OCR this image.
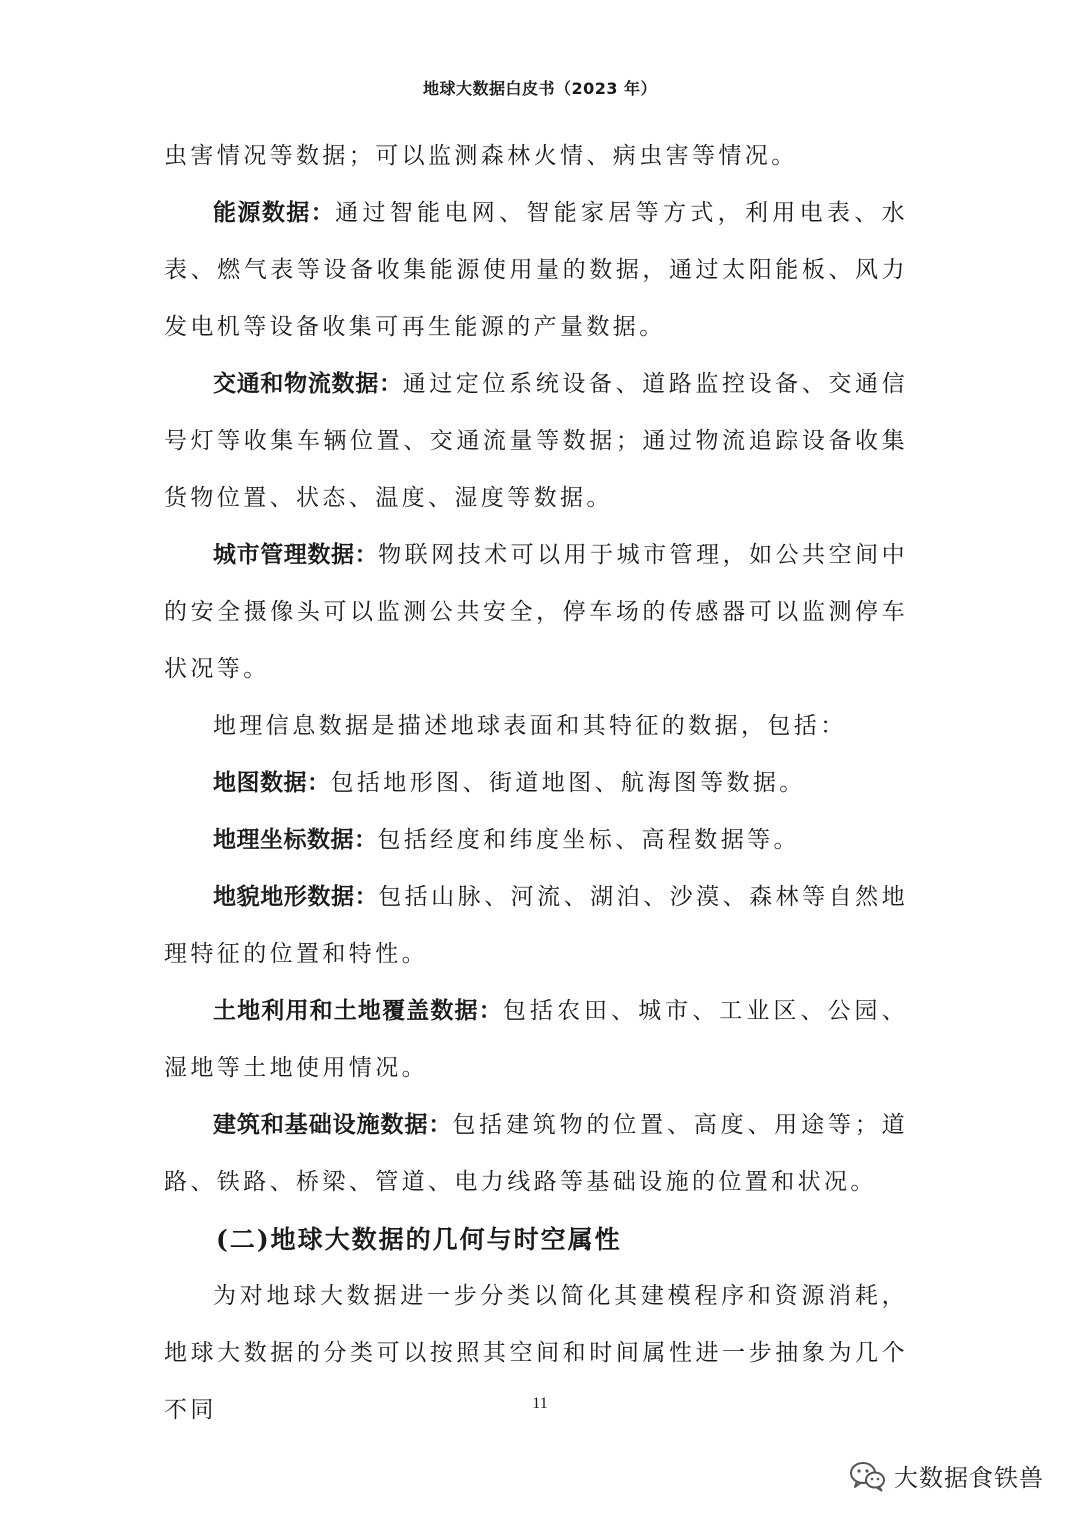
地球大数据白皮书（2023 年）

虫害情况等数据；可以监测森林火情、病虫害等情况。

能源数据：通过智能电网、智能家居等方式，利用电表、水表、燃气表等设备收集能源使用量的数据，通过太阳能板、风力发电机等设备收集可再生能源的产量数据。

交通和物流数据：通过定位系统设备、道路监控设备、交通信号灯等收集车辆位置、交通流量等数据；通过物流追踪设备收集货物位置、状态、温度、湿度等数据。

城市管理数据：物联网技术可以用于城市管理，如公共空间中的安全摄像头可以监测公共安全，停车场的传感器可以监测停车状况等。

地理信息数据是描述地球表面和其特征的数据，包括：

地图数据：包括地形图、街道地图、航海图等数据。

地理坐标数据：包括经度和纬度坐标、高程数据等。

地貌地形数据：包括山脉、河流、湖泊、沙漠、森林等自然地理特征的位置和特性。

土地利用和土地覆盖数据：包括农田、城市、工业区、公园、湿地等土地使用情况。

建筑和基础设施数据：包括建筑物的位置、高度、用途等；道路、铁路、桥梁、管道、电力线路等基础设施的位置和状况。

(二)地球大数据的几何与时空属性

为对地球大数据进一步分类以简化其建模程序和资源消耗，地球大数据的分类可以按照其空间和时间属性进一步抽象为几个不同	11
大数据食铁兽
